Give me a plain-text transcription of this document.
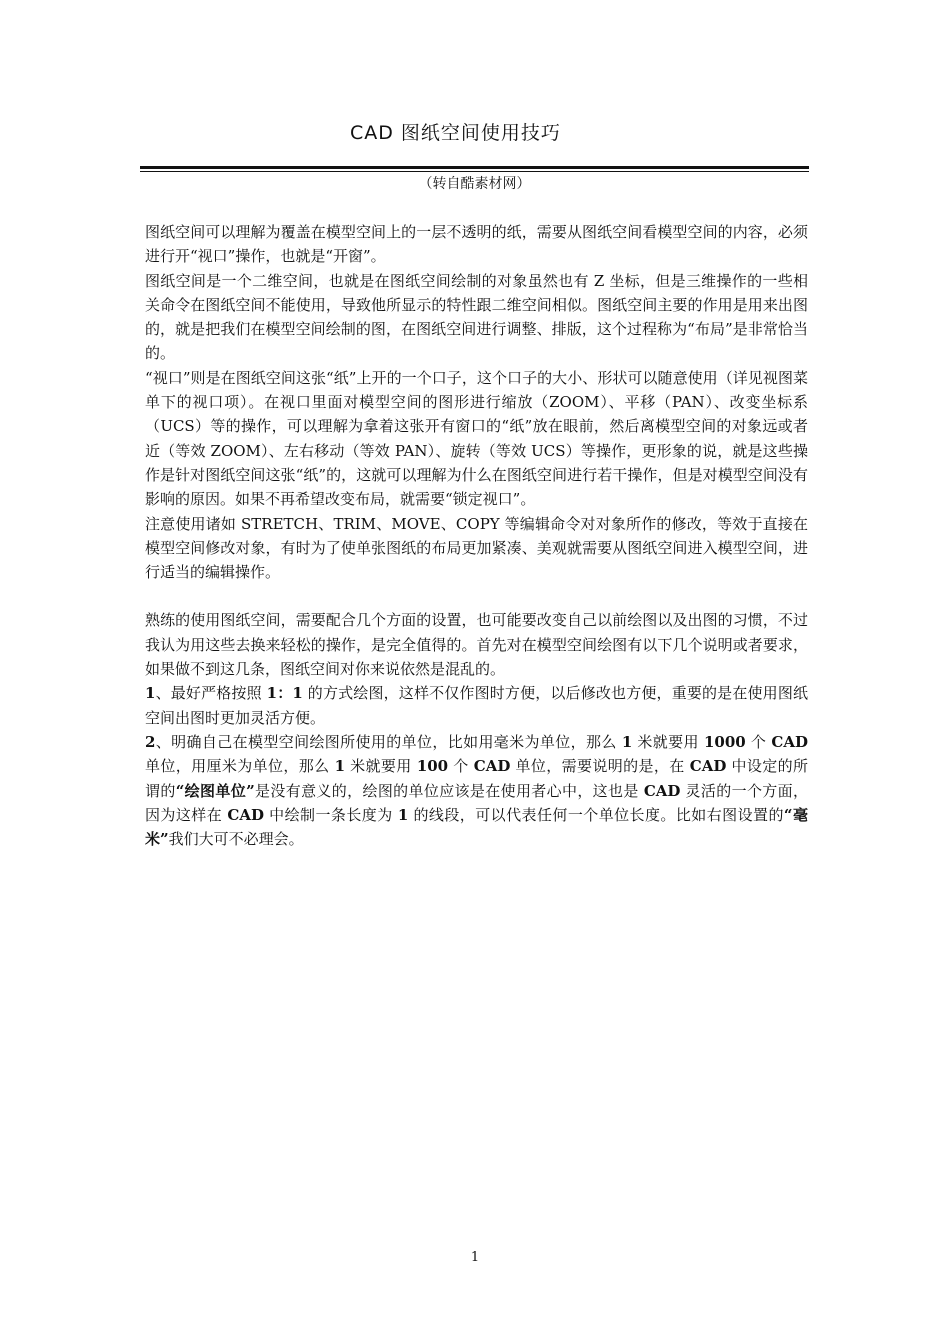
CAD 图纸空间使用技巧
（转自酷素材网）

图纸空间可以理解为覆盖在模型空间上的一层不透明的纸，需要从图纸空间看模型空间的内容，必须进行开“视口”操作，也就是“开窗”。

图纸空间是一个二维空间，也就是在图纸空间绘制的对象虽然也有 Z 坐标，但是三维操作的一些相关命令在图纸空间不能使用，导致他所显示的特性跟二维空间相似。图纸空间主要的作用是用来出图的，就是把我们在模型空间绘制的图，在图纸空间进行调整、排版，这个过程称为“布局”是非常恰当的。

“视口”则是在图纸空间这张“纸”上开的一个口子，这个口子的大小、形状可以随意使用（详见视图菜单下的视口项）。在视口里面对模型空间的图形进行缩放（ZOOM）、平移（PAN）、改变坐标系（UCS）等的操作，可以理解为拿着这张开有窗口的“纸”放在眼前，然后离模型空间的对象远或者近（等效 ZOOM）、左右移动（等效 PAN）、旋转（等效 UCS）等操作，更形象的说，就是这些操作是针对图纸空间这张“纸”的，这就可以理解为什么在图纸空间进行若干操作，但是对模型空间没有影响的原因。如果不再希望改变布局，就需要“锁定视口”。

注意使用诸如 STRETCH、TRIM、MOVE、COPY 等编辑命令对对象所作的修改，等效于直接在模型空间修改对象，有时为了使单张图纸的布局更加紧凑、美观就需要从图纸空间进入模型空间，进行适当的编辑操作。

熟练的使用图纸空间，需要配合几个方面的设置，也可能要改变自己以前绘图以及出图的习惯，不过我认为用这些去换来轻松的操作，是完全值得的。首先对在模型空间绘图有以下几个说明或者要求，如果做不到这几条，图纸空间对你来说依然是混乱的。

1、最好严格按照 1：1 的方式绘图，这样不仅作图时方便，以后修改也方便，重要的是在使用图纸空间出图时更加灵活方便。

2、明确自己在模型空间绘图所使用的单位，比如用毫米为单位，那么 1 米就要用 1000 个 CAD 单位，用厘米为单位，那么 1 米就要用 100 个 CAD 单位，需要说明的是，在 CAD 中设定的所谓的“绘图单位”是没有意义的，绘图的单位应该是在使用者心中，这也是 CAD 灵活的一个方面，因为这样在 CAD 中绘制一条长度为 1 的线段，可以代表任何一个单位长度。比如右图设置的“毫米”我们大可不必理会。

1
